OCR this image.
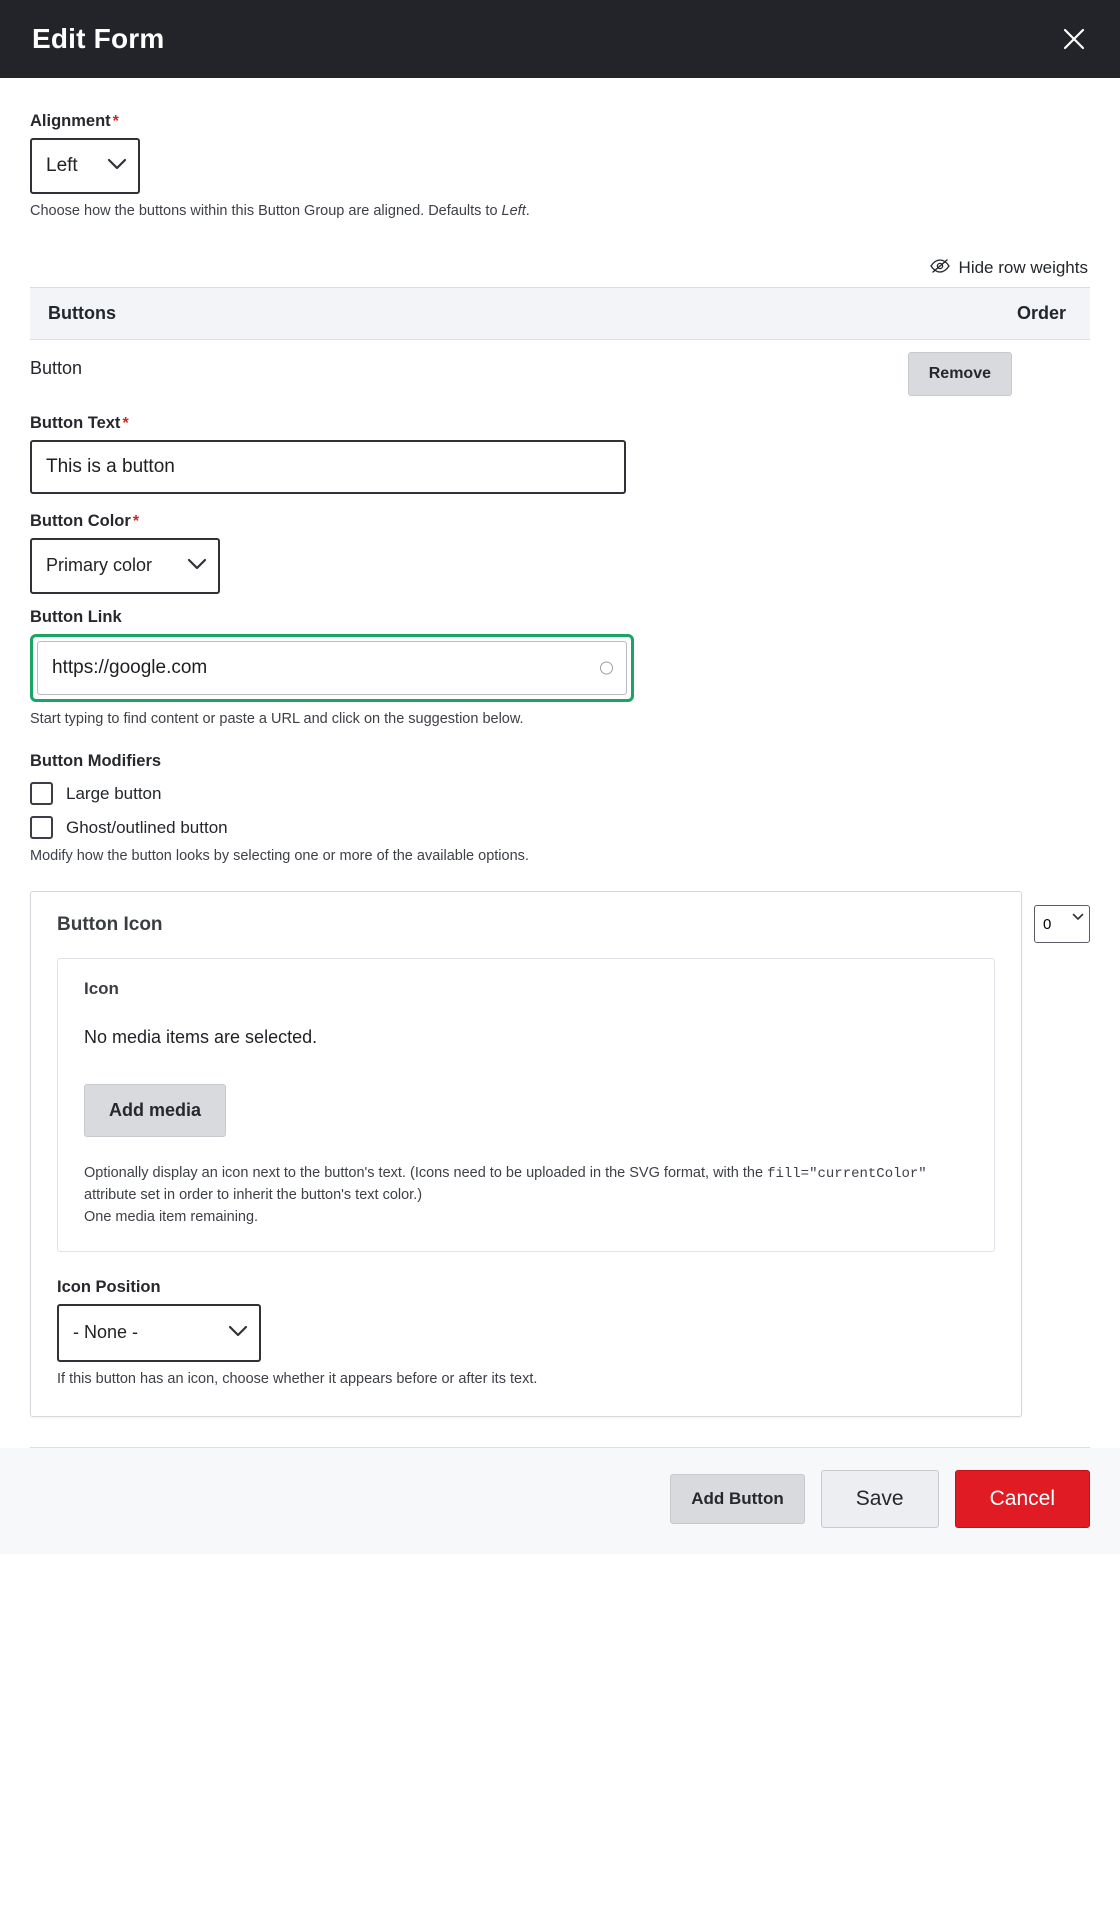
Edit Form
Alignment *
Left
Choose how the buttons within this Button Group are aligned. Defaults to Left.
Hide row weights
Buttons	Order
Button	Remove
Button Text *
This is a button
Button Color *
Primary color
Button Link
https://google.com
Start typing to find content or paste a URL and click on the suggestion below.
Button Modifiers
Large button
Ghost/outlined button
Modify how the button looks by selecting one or more of the available options.
Button Icon
Icon
No media items are selected.
Add media
Optionally display an icon next to the button's text. (Icons need to be uploaded in the SVG format, with the fill="currentColor" attribute set in order to inherit the button's text color.)
One media item remaining.
Icon Position
- None -
If this button has an icon, choose whether it appears before or after its text.
0
Add Button	Save	Cancel
